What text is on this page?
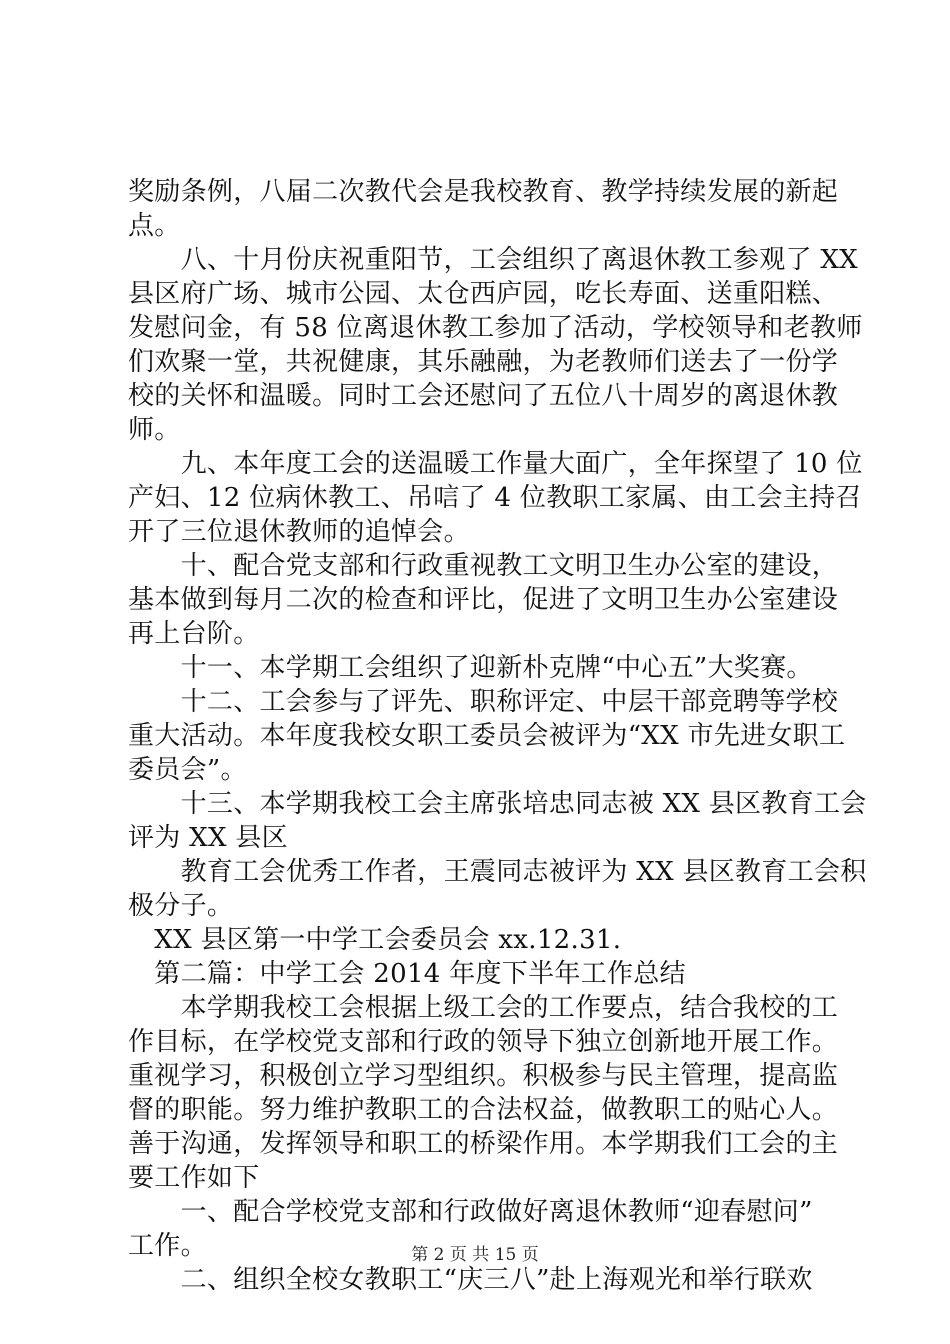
奖励条例，八届二次教代会是我校教育、教学持续发展的新起
点。
　　八、十月份庆祝重阳节，工会组织了离退休教工参观了 XX
县区府广场、城市公园、太仓西庐园，吃长寿面、送重阳糕、
发慰问金，有 58 位离退休教工参加了活动，学校领导和老教师
们欢聚一堂，共祝健康，其乐融融，为老教师们送去了一份学
校的关怀和温暖。同时工会还慰问了五位八十周岁的离退休教
师。
　　九、本年度工会的送温暖工作量大面广，全年探望了 10 位
产妇、12 位病休教工、吊唁了 4 位教职工家属、由工会主持召
开了三位退休教师的追悼会。
　　十、配合党支部和行政重视教工文明卫生办公室的建设，
基本做到每月二次的检查和评比，促进了文明卫生办公室建设
再上台阶。
　　十一、本学期工会组织了迎新朴克牌“中心五”大奖赛。
　　十二、工会参与了评先、职称评定、中层干部竞聘等学校
重大活动。本年度我校女职工委员会被评为“XX 市先进女职工
委员会”。
　　十三、本学期我校工会主席张培忠同志被 XX 县区教育工会
评为 XX 县区
　　教育工会优秀工作者，王震同志被评为 XX 县区教育工会积
极分子。
　XX 县区第一中学工会委员会 xx.12.31.
　第二篇：中学工会 2014 年度下半年工作总结
　　本学期我校工会根据上级工会的工作要点，结合我校的工
作目标，在学校党支部和行政的领导下独立创新地开展工作。
重视学习，积极创立学习型组织。积极参与民主管理，提高监
督的职能。努力维护教职工的合法权益，做教职工的贴心人。
善于沟通，发挥领导和职工的桥梁作用。本学期我们工会的主
要工作如下
　　一、配合学校党支部和行政做好离退休教师“迎春慰问”
工作。
　　二、组织全校女教职工“庆三八”赴上海观光和举行联欢
第 2 页 共 15 页
